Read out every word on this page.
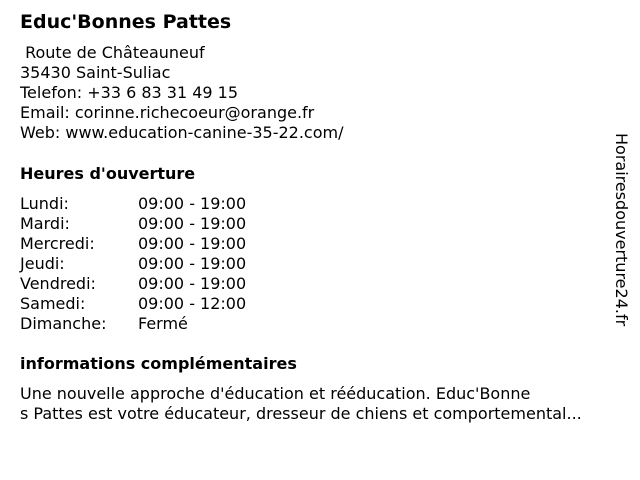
Educ'Bonnes Pattes
Route de Châteauneuf
35430 Saint-Suliac
Telefon: +33 6 83 31 49 15
Email: corinne.richecoeur@orange.fr
Web: www.education-canine-35-22.com/
Heures d'ouverture
Lundi:	09:00 - 19:00
Mardi:	09:00 - 19:00
Mercredi:	09:00 - 19:00
Jeudi:	09:00 - 19:00
Vendredi:	09:00 - 19:00
Samedi:	09:00 - 12:00
Dimanche: Fermé
informations complémentaires
Une nouvelle approche d'éducation et rééducation. Educ'Bonne
s Pattes est votre éducateur, dresseur de chiens et comportemental...
Horairesdouverture24.fr
